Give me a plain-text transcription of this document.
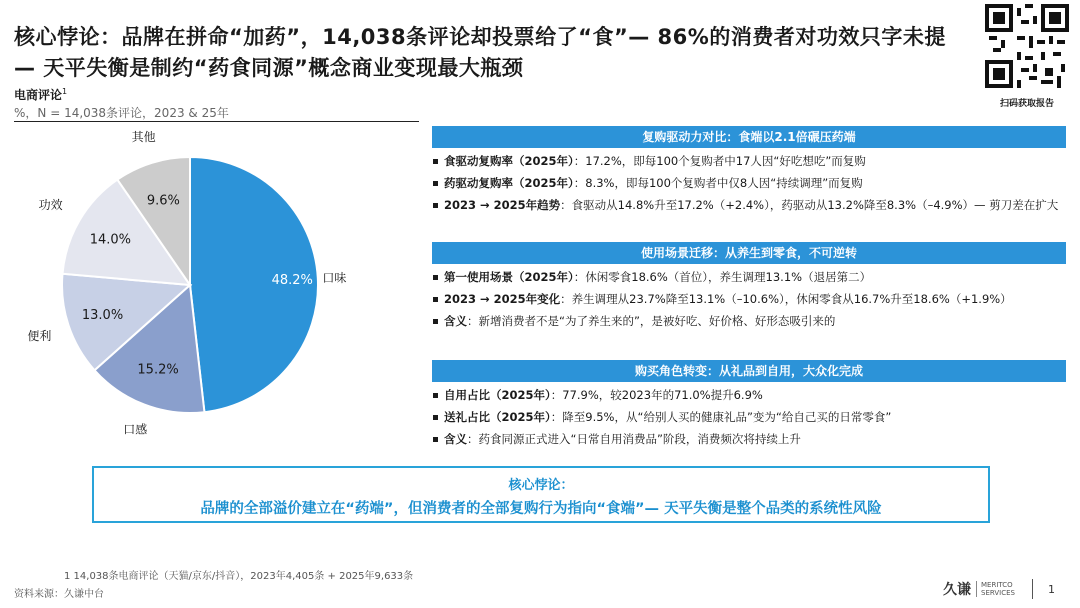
核心悖论：品牌在拼命“加药”，14,038条评论却投票给了“食”— 86%的消费者对功效只字未提 — 天平失衡是制约“药食同源”概念商业变现最大瓶颈
电商评论$^1$
%，N = 14,038条评论，2023 & 25年
扫码获取报告
48.2% 口味
15.2%
口感
13.0%
便利
14.0%
功效	9.6%
其他	复购驱动力对比：食端以2.1倍碾压药端
食驱动复购率（2025年）：17.2%，即每100个复购者中17人因“好吃想吃”而复购
药驱动复购率（2025年）：8.3%，即每100个复购者中仅8人因“持续调理”而复购
2023 → 2025年趋势：食驱动从14.8%升至17.2%（+2.4%），药驱动从13.2%降至8.3%（–4.9%）— 剪刀差在扩大
使用场景迁移：从养生到零食，不可逆转
第一使用场景（2025年）：休闲零食18.6%（首位），养生调理13.1%（退居第二）
2023 → 2025年变化：养生调理从23.7%降至13.1%（–10.6%），休闲零食从16.7%升至18.6%（+1.9%）
含义：新增消费者不是“为了养生来的”，是被好吃、好价格、好形态吸引来的
购买角色转变：从礼品到自用，大众化完成
自用占比（2025年）：77.9%，较2023年的71.0%提升6.9%
送礼占比（2025年）：降至9.5%，从“给别人买的健康礼品”变为“给自己买的日常零食”
含义：药食同源正式进入“日常自用消费品”阶段，消费频次将持续上升
核心悖论：
品牌的全部溢价建立在“药端”，但消费者的全部复购行为指向“食端”— 天平失衡是整个品类的系统性风险
1 14,038条电商评论（天猫/京东/抖音），2023年4,405条 + 2025年9,633条
资料来源：久谦中台	久谦	MERITCO
SERVICES	1
